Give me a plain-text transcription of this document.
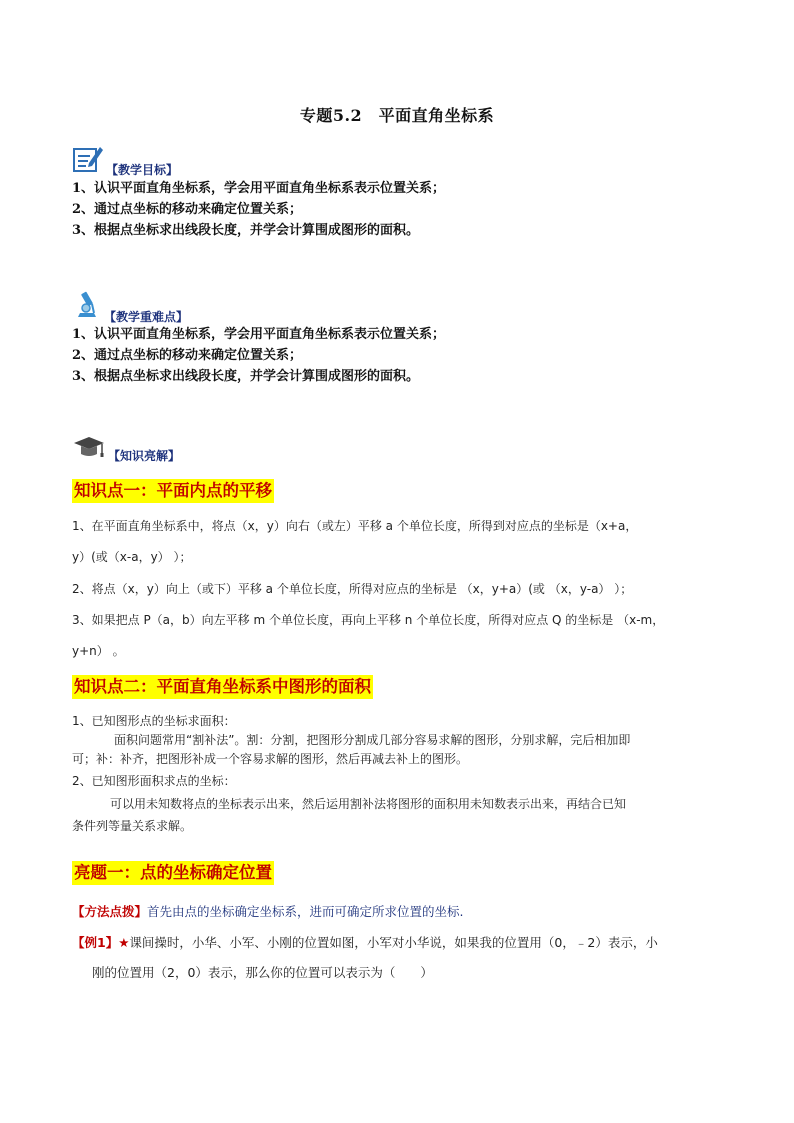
专题5.2　平面直角坐标系
【教学目标】
1、认识平面直角坐标系，学会用平面直角坐标系表示位置关系；
2、通过点坐标的移动来确定位置关系；
3、根据点坐标求出线段长度，并学会计算围成图形的面积。
【教学重难点】
1、认识平面直角坐标系，学会用平面直角坐标系表示位置关系；
2、通过点坐标的移动来确定位置关系；
3、根据点坐标求出线段长度，并学会计算围成图形的面积。
【知识亮解】
知识点一：平面内点的平移
1、在平面直角坐标系中，将点（x，y）向右（或左）平移 a 个单位长度，所得到对应点的坐标是（x+a，
y）(或（x-a，y） ）；
2、将点（x，y）向上（或下）平移 a 个单位长度，所得对应点的坐标是 （x，y+a）(或 （x，y-a） ）；
3、如果把点 P（a，b）向左平移 m 个单位长度，再向上平移 n 个单位长度，所得对应点 Q 的坐标是 （x-m，
y+n） 。
知识点二：平面直角坐标系中图形的面积
1、已知图形点的坐标求面积：
面积问题常用“割补法”。割：分割，把图形分割成几部分容易求解的图形，分别求解，完后相加即
可；补：补齐，把图形补成一个容易求解的图形，然后再减去补上的图形。
2、已知图形面积求点的坐标：
可以用未知数将点的坐标表示出来，然后运用割补法将图形的面积用未知数表示出来，再结合已知
条件列等量关系求解。
亮题一：点的坐标确定位置
【方法点拨】首先由点的坐标确定坐标系，进而可确定所求位置的坐标.
【例1】★课间操时，小华、小军、小刚的位置如图，小军对小华说，如果我的位置用（0，﹣2）表示，小
刚的位置用（2，0）表示，那么你的位置可以表示为（　　）
